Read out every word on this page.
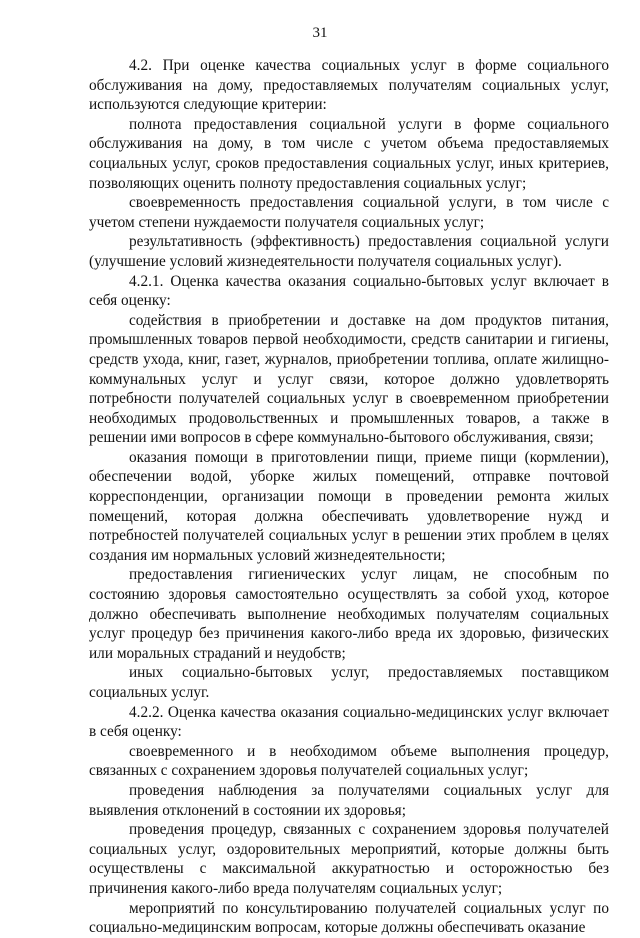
31

4.2. При оценке качества социальных услуг в форме социального обслуживания на дому, предоставляемых получателям социальных услуг, используются следующие критерии:

полнота предоставления социальной услуги в форме социального обслуживания на дому, в том числе с учетом объема предоставляемых социальных услуг, сроков предоставления социальных услуг, иных критериев, позволяющих оценить полноту предоставления социальных услуг;

своевременность предоставления социальной услуги, в том числе с учетом степени нуждаемости получателя социальных услуг;

результативность (эффективность) предоставления социальной услуги (улучшение условий жизнедеятельности получателя социальных услуг).

4.2.1. Оценка качества оказания социально-бытовых услуг включает в себя оценку:

содействия в приобретении и доставке на дом продуктов питания, промышленных товаров первой необходимости, средств санитарии и гигиены, средств ухода, книг, газет, журналов, приобретении топлива, оплате жилищно-коммунальных услуг и услуг связи, которое должно удовлетворять потребности получателей социальных услуг в своевременном приобретении необходимых продовольственных и промышленных товаров, а также в решении ими вопросов в сфере коммунально-бытового обслуживания, связи;

оказания помощи в приготовлении пищи, приеме пищи (кормлении), обеспечении водой, уборке жилых помещений, отправке почтовой корреспонденции, организации помощи в проведении ремонта жилых помещений, которая должна обеспечивать удовлетворение нужд и потребностей получателей социальных услуг в решении этих проблем в целях создания им нормальных условий жизнедеятельности;

предоставления гигиенических услуг лицам, не способным по состоянию здоровья самостоятельно осуществлять за собой уход, которое должно обеспечивать выполнение необходимых получателям социальных услуг процедур без причинения какого-либо вреда их здоровью, физических или моральных страданий и неудобств;

иных социально-бытовых услуг, предоставляемых поставщиком социальных услуг.

4.2.2. Оценка качества оказания социально-медицинских услуг включает в себя оценку:

своевременного и в необходимом объеме выполнения процедур, связанных с сохранением здоровья получателей социальных услуг;

проведения наблюдения за получателями социальных услуг для выявления отклонений в состоянии их здоровья;

проведения процедур, связанных с сохранением здоровья получателей социальных услуг, оздоровительных мероприятий, которые должны быть осуществлены с максимальной аккуратностью и осторожностью без причинения какого-либо вреда получателям социальных услуг;

мероприятий по консультированию получателей социальных услуг по социально-медицинским вопросам, которые должны обеспечивать оказание
